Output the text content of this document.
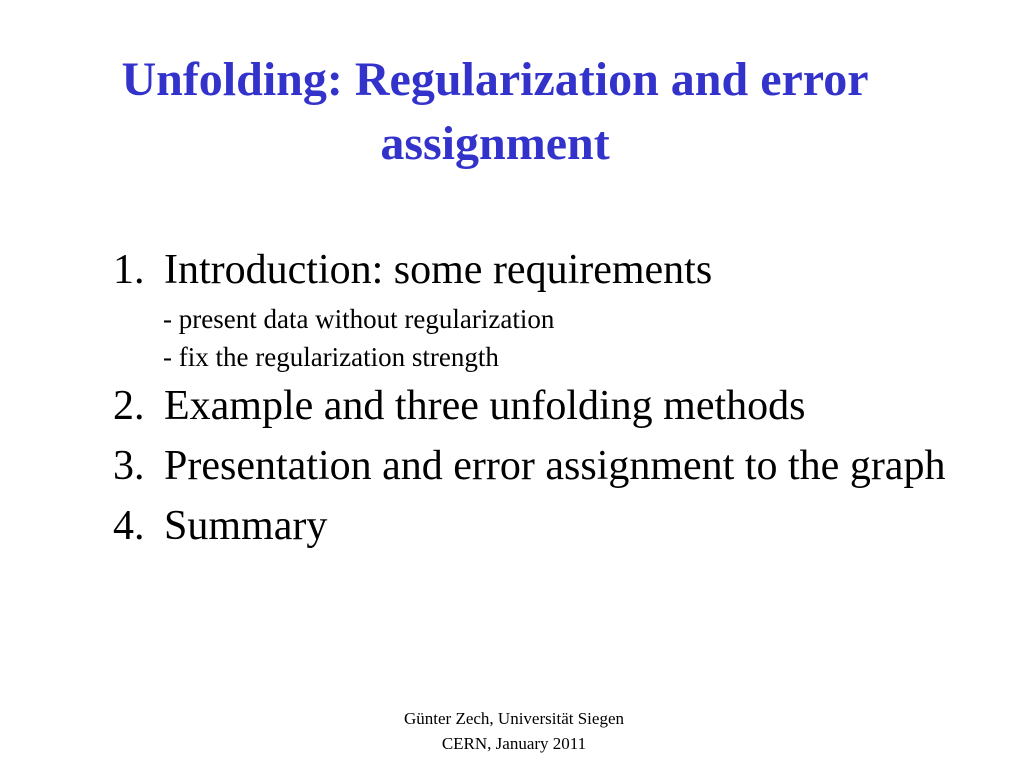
Unfolding: Regularization and error
assignment
1. Introduction: some requirements
- present data without regularization
- fix the regularization strength
2. Example and three unfolding methods
3. Presentation and error assignment to the graph
4. Summary
Günter Zech, Universität Siegen
CERN, January 2011
